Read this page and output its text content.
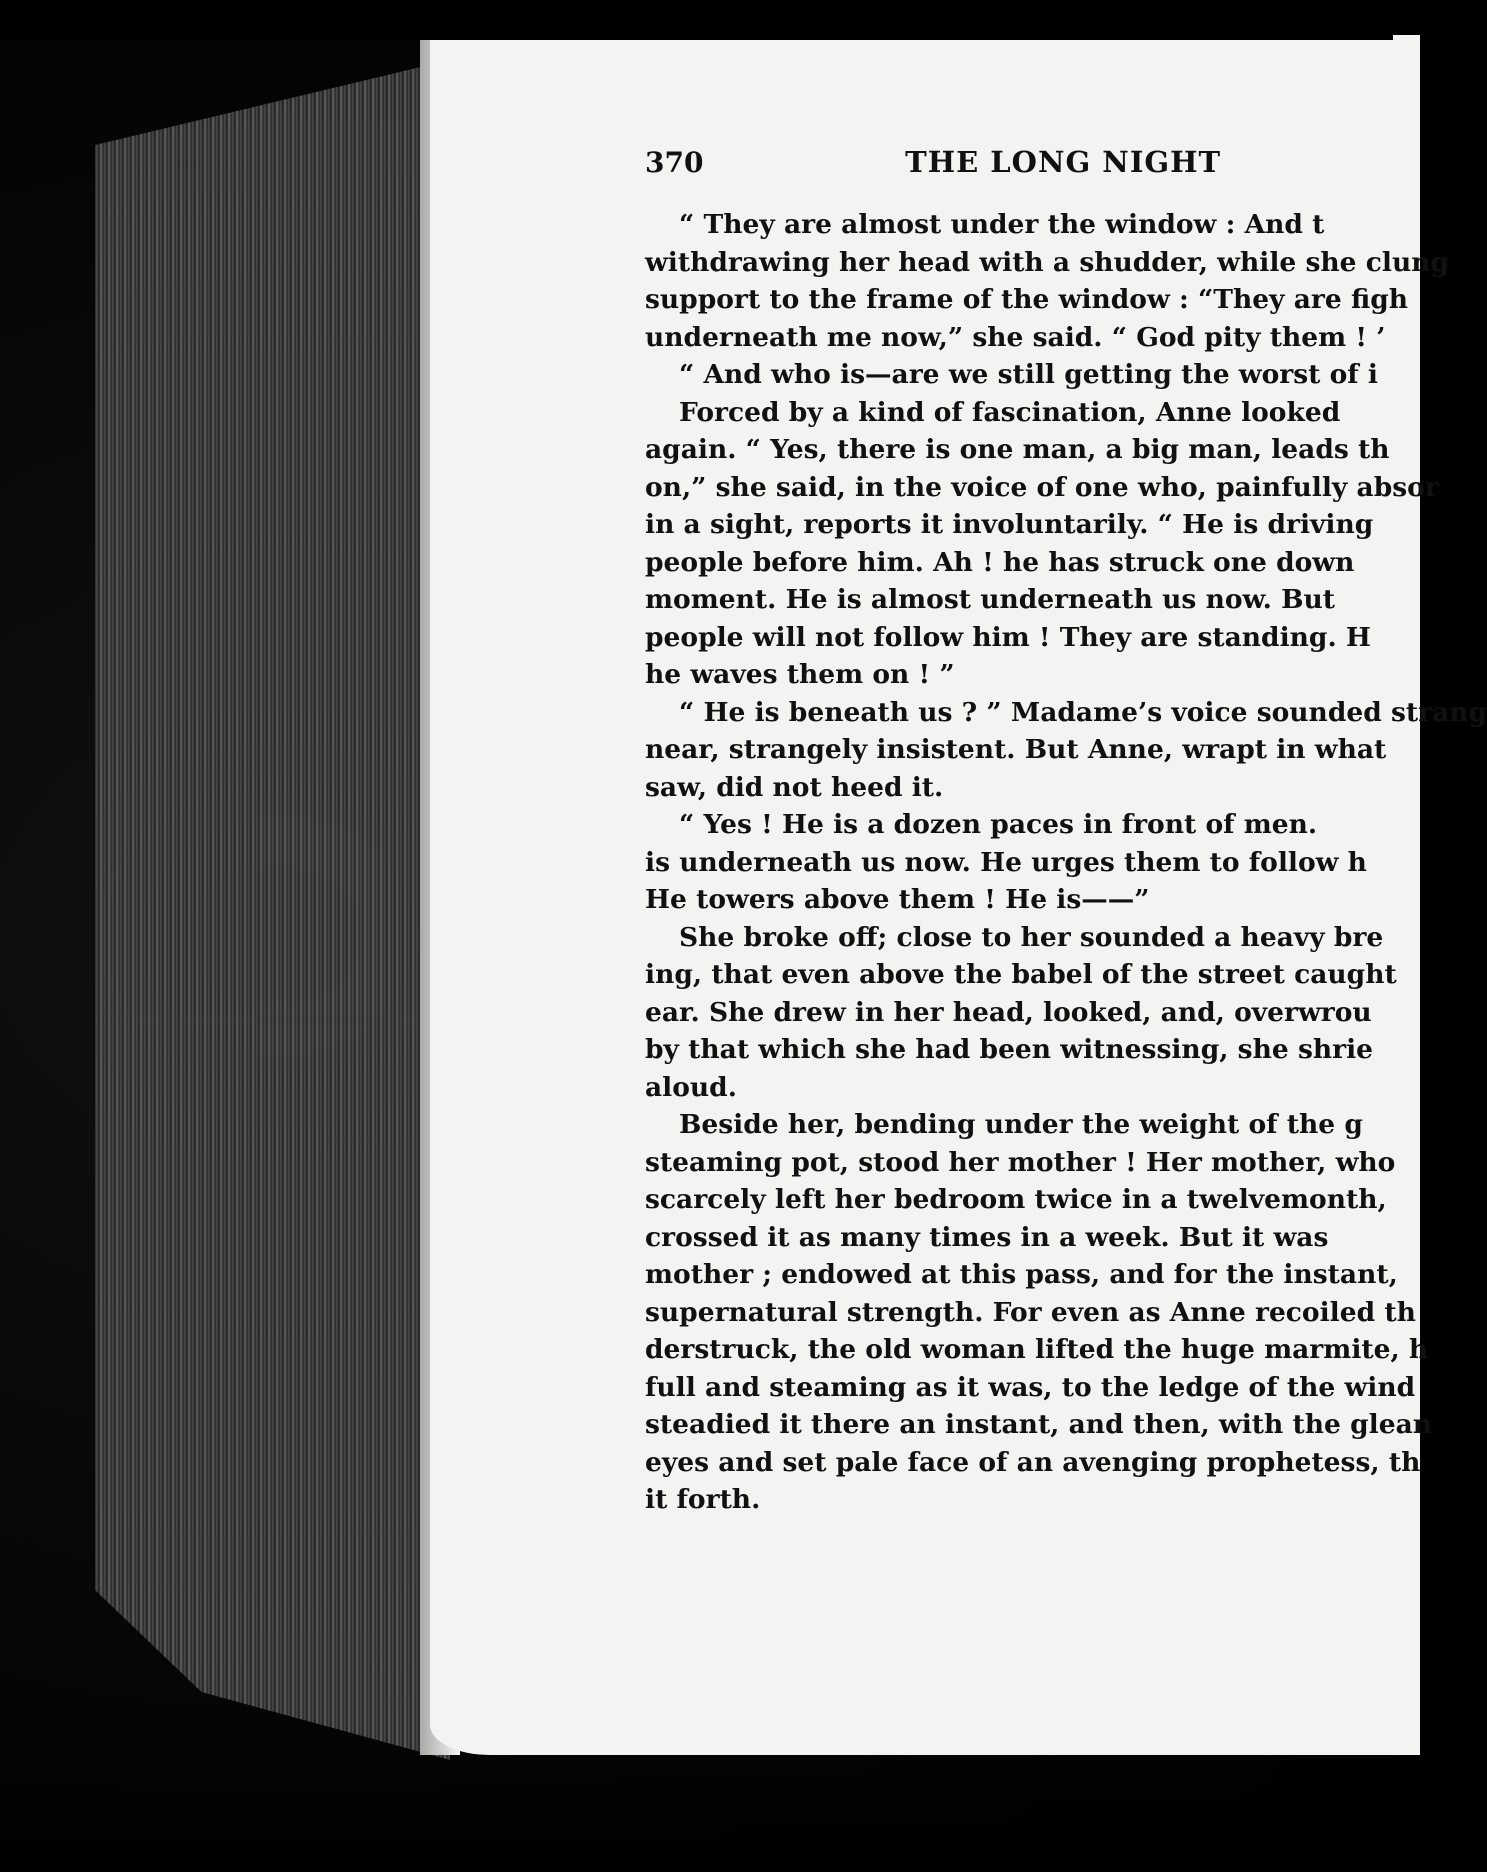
370	THE LONG NIGHT
“ They are almost under the window : And t
withdrawing her head with a shudder, while she clung
support to the frame of the window : “They are figh
underneath me now,” she said. “ God pity them ! ’
“ And who is—are we still getting the worst of i
Forced by a kind of fascination, Anne looked
again. “ Yes, there is one man, a big man, leads th
on,” she said, in the voice of one who, painfully absor
in a sight, reports it involuntarily. “ He is driving
people before him. Ah ! he has struck one down
moment. He is almost underneath us now. But
people will not follow him ! They are standing. H
he waves them on ! ”
“ He is beneath us ? ” Madame’s voice sounded strang
near, strangely insistent. But Anne, wrapt in what
saw, did not heed it.
“ Yes ! He is a dozen paces in front of men.
is underneath us now. He urges them to follow h
He towers above them ! He is——”
She broke off; close to her sounded a heavy bre
ing, that even above the babel of the street caught
ear. She drew in her head, looked, and, overwrou
by that which she had been witnessing, she shrie
aloud.
Beside her, bending under the weight of the g
steaming pot, stood her mother ! Her mother, who
scarcely left her bedroom twice in a twelvemonth,
crossed it as many times in a week. But it was
mother ; endowed at this pass, and for the instant,
supernatural strength. For even as Anne recoiled th
derstruck, the old woman lifted the huge marmite, h
full and steaming as it was, to the ledge of the wind
steadied it there an instant, and then, with the glean
eyes and set pale face of an avenging prophetess, th
it forth.
